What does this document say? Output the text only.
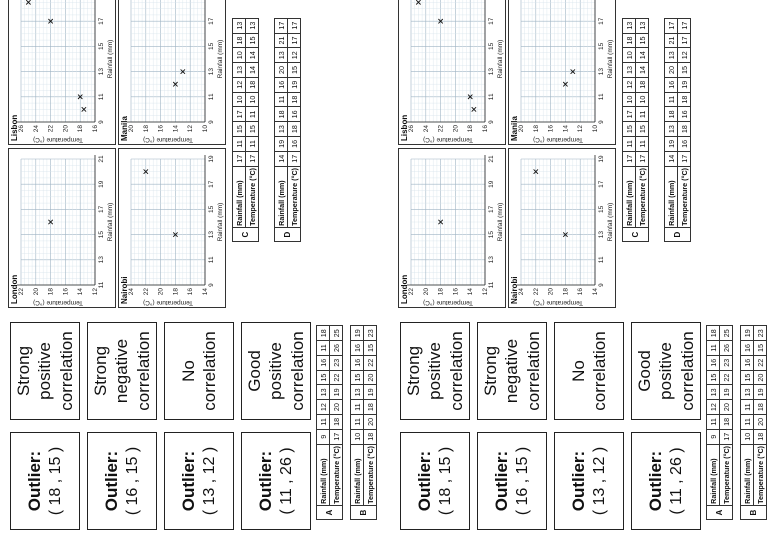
Outlier: ( 18 , 15 ) Outlier: ( 16 , 15 ) Outlier: ( 13 , 12 ) Outlier: ( 11 , 26 )
Strong positive
correlation Strong negative
correlation No
correlation Good positive
correlation
A	Rainfall (mm)	9	11	12	13	15	16	11	18
	Temperature (°C)	17	18	20	19	22	23	26	25
B	Rainfall (mm)	10	11	11	13	15	16	16	19
	Temperature (°C)	18	20	18	19	20	22	15	23
C	Rainfall (mm)	17	11	15	17	10	12	13	10	18	13
	Temperature (°C)	17	11	15	11	10	18	14	14	15	13
D	Rainfall (mm)	14	19	13	18	11	16	20	13	21	17
	Temperature (°C)	17	16	18	16	18	19	15	12	17	17
London	11
13
15
17
19
21
12
14
16
18
20
22
Rainfall (mm)
Temperature (°C)
Lisbon	9
11
13
15
17
16
18
20
22
24
26
Rainfall (mm)
Temperature (°C)
Nairobi	9
11
13
15
17
19
14
16
18
20
22
24
Rainfall (mm)
Temperature (°C)
Manila	9
11
13
15
17
10
12
14
16
18
20
Rainfall (mm)
Temperature (°C)
Outlier: ( 18 , 15 ) Outlier: ( 16 , 15 ) Outlier: ( 13 , 12 ) Outlier: ( 11 , 26 )
Strong positive
correlation Strong negative
correlation No
correlation Good positive
correlation
A	Rainfall (mm)	9	11	12	13	15	16	11	18
	Temperature (°C)	17	18	20	19	22	23	26	25
B	Rainfall (mm)	10	11	11	13	15	16	16	19
	Temperature (°C)	18	20	18	19	20	22	15	23
C	Rainfall (mm)	17	11	15	17	10	12	13	10	18	13
	Temperature (°C)	17	11	15	11	10	18	14	14	15	13
D	Rainfall (mm)	14	19	13	18	11	16	20	13	21	17
	Temperature (°C)	17	16	18	16	18	19	15	12	17	17
London	11
13
15
17
19
21
12
14
16
18
20
22
Rainfall (mm)
Temperature (°C)
Lisbon	9
11
13
15
17
16
18
20
22
24
26
Rainfall (mm)
Temperature (°C)
Nairobi	9
11
13
15
17
19
14
16
18
20
22
24
Rainfall (mm)
Temperature (°C)
Manila	9
11
13
15
17
10
12
14
16
18
20
Rainfall (mm)
Temperature (°C)
